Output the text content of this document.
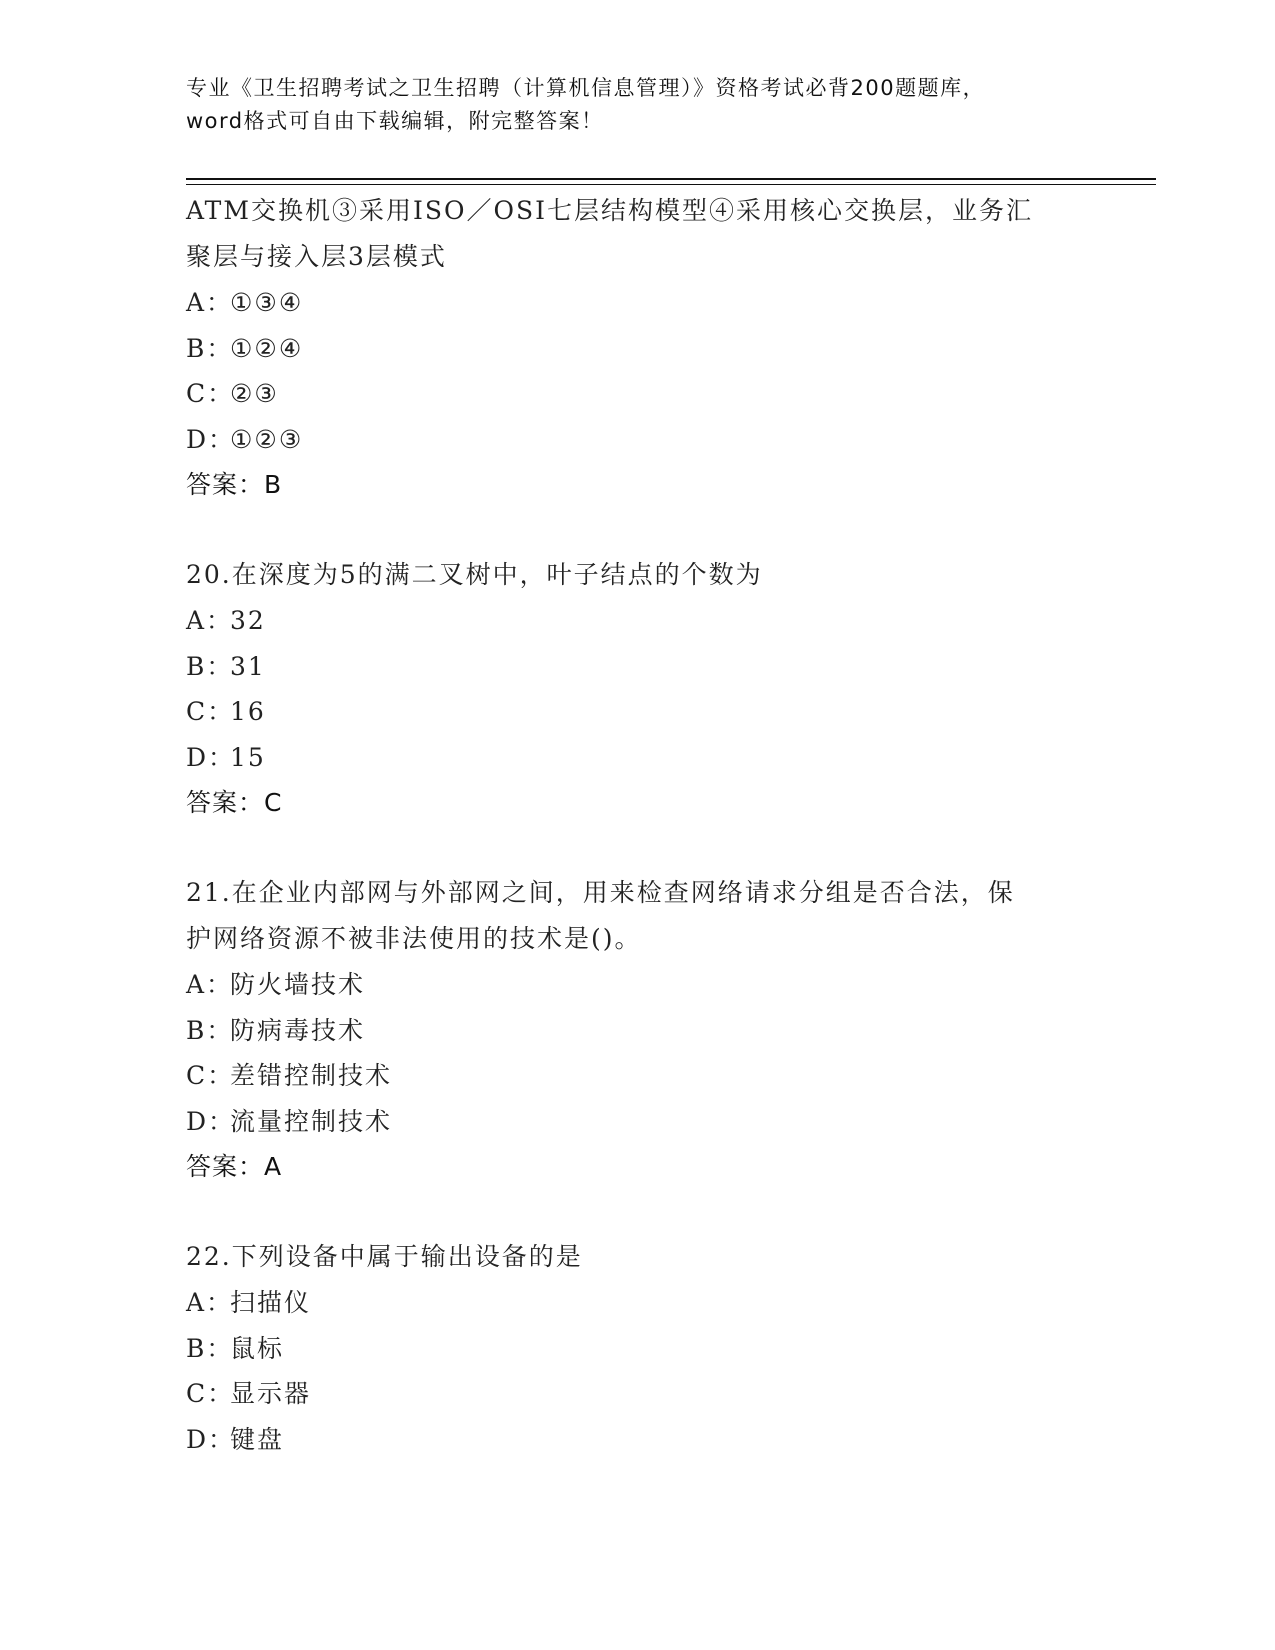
专业《卫生招聘考试之卫生招聘（计算机信息管理）》资格考试必背200题题库，
word格式可自由下载编辑，附完整答案！

ATM交换机③采用ISO／OSI七层结构模型④采用核心交换层，业务汇

聚层与接入层3层模式

A：①③④

B：①②④

C：②③

D：①②③

答案：B

20.在深度为5的满二叉树中，叶子结点的个数为

A：32

B：31

C：16

D：15

答案：C

21.在企业内部网与外部网之间，用来检查网络请求分组是否合法，保

护网络资源不被非法使用的技术是()。

A：防火墙技术

B：防病毒技术

C：差错控制技术

D：流量控制技术

答案：A

22.下列设备中属于输出设备的是

A：扫描仪

B：鼠标

C：显示器

D：键盘
